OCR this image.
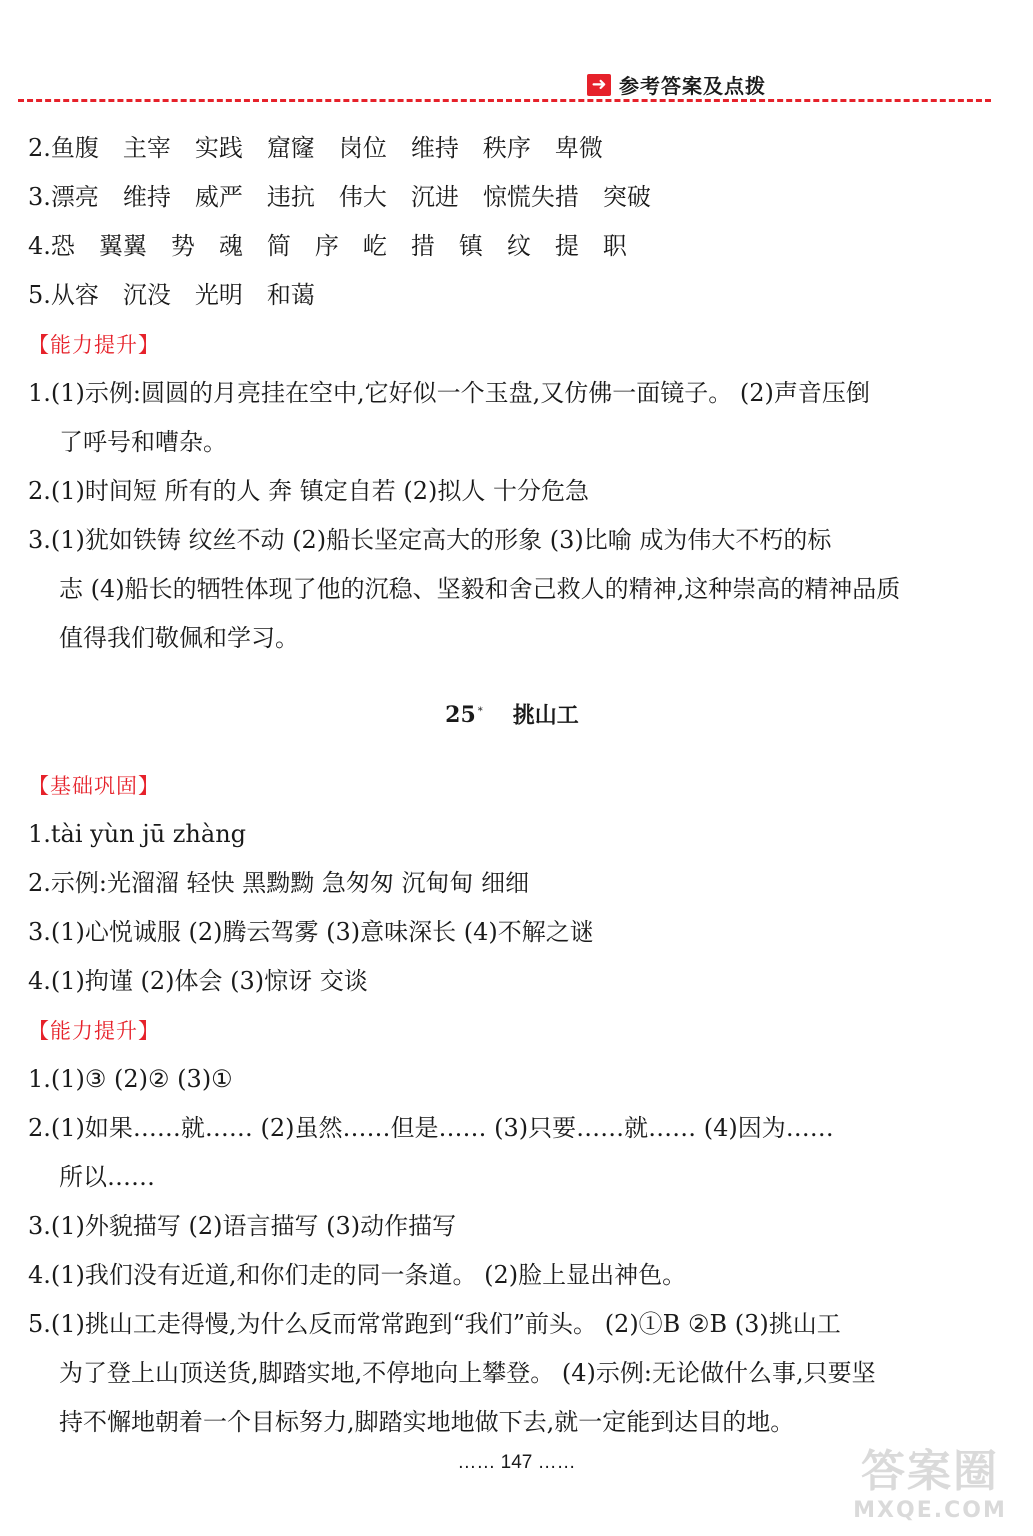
➜ 参考答案及点拨
2.鱼腹 主宰 实践 窟窿 岗位 维持 秩序 卑微
3.漂亮 维持 威严 违抗 伟大 沉进 惊慌失措 突破
4.恐 翼翼 势 魂 简 序 屹 措 镇 纹 提 职
5.从容 沉没 光明 和蔼
【能力提升】
1.(1)示例:圆圆的月亮挂在空中,它好似一个玉盘,又仿佛一面镜子。 (2)声音压倒
了呼号和嘈杂。
2.(1)时间短 所有的人 奔 镇定自若 (2)拟人 十分危急
3.(1)犹如铁铸 纹丝不动 (2)船长坚定高大的形象 (3)比喻 成为伟大不朽的标
志 (4)船长的牺牲体现了他的沉稳、坚毅和舍己救人的精神,这种崇高的精神品质
值得我们敬佩和学习。
25 * 挑山工
【基础巩固】
1.tài yùn jū zhàng
2.示例:光溜溜 轻快 黑黝黝 急匆匆 沉甸甸 细细
3.(1)心悦诚服 (2)腾云驾雾 (3)意味深长 (4)不解之谜
4.(1)拘谨 (2)体会 (3)惊讶 交谈
【能力提升】
1.(1)③ (2)② (3)①
2.(1)如果……就…… (2)虽然……但是…… (3)只要……就…… (4)因为……
所以……
3.(1)外貌描写 (2)语言描写 (3)动作描写
4.(1)我们没有近道,和你们走的同一条道。 (2)脸上显出神色。
5.(1)挑山工走得慢,为什么反而常常跑到“我们”前头。 (2)①B ②B (3)挑山工
为了登上山顶送货,脚踏实地,不停地向上攀登。 (4)示例:无论做什么事,只要坚
持不懈地朝着一个目标努力,脚踏实地地做下去,就一定能到达目的地。
…… 147 ……	答案圈
MXQE.COM
